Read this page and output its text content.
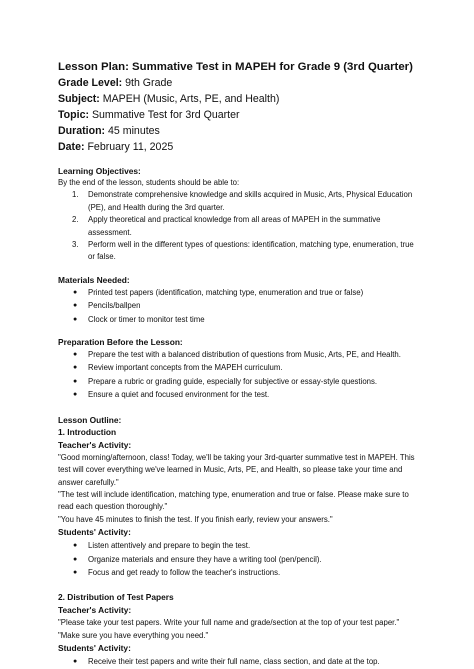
Lesson Plan: Summative Test in MAPEH for Grade 9 (3rd Quarter)
Grade Level: 9th Grade
Subject: MAPEH (Music, Arts, PE, and Health)
Topic: Summative Test for 3rd Quarter
Duration: 45 minutes
Date: February 11, 2025
Learning Objectives:
By the end of the lesson, students should be able to:
1. Demonstrate comprehensive knowledge and skills acquired in Music, Arts, Physical Education (PE), and Health during the 3rd quarter.
2. Apply theoretical and practical knowledge from all areas of MAPEH in the summative assessment.
3. Perform well in the different types of questions: identification, matching type, enumeration, true or false.
Materials Needed:
● Printed test papers (identification, matching type, enumeration and true or false)
● Pencils/ballpen
● Clock or timer to monitor test time
Preparation Before the Lesson:
● Prepare the test with a balanced distribution of questions from Music, Arts, PE, and Health.
● Review important concepts from the MAPEH curriculum.
● Prepare a rubric or grading guide, especially for subjective or essay-style questions.
● Ensure a quiet and focused environment for the test.
Lesson Outline:
1. Introduction
Teacher's Activity:
"Good morning/afternoon, class! Today, we'll be taking your 3rd-quarter summative test in MAPEH. This test will cover everything we've learned in Music, Arts, PE, and Health, so please take your time and answer carefully."
"The test will include identification, matching type, enumeration and true or false. Please make sure to read each question thoroughly."
"You have 45 minutes to finish the test. If you finish early, review your answers."
Students' Activity:
● Listen attentively and prepare to begin the test.
● Organize materials and ensure they have a writing tool (pen/pencil).
● Focus and get ready to follow the teacher's instructions.
2. Distribution of Test Papers
Teacher's Activity:
"Please take your test papers. Write your full name and grade/section at the top of your test paper."
"Make sure you have everything you need."
Students' Activity:
● Receive their test papers and write their full name, class section, and date at the top.
